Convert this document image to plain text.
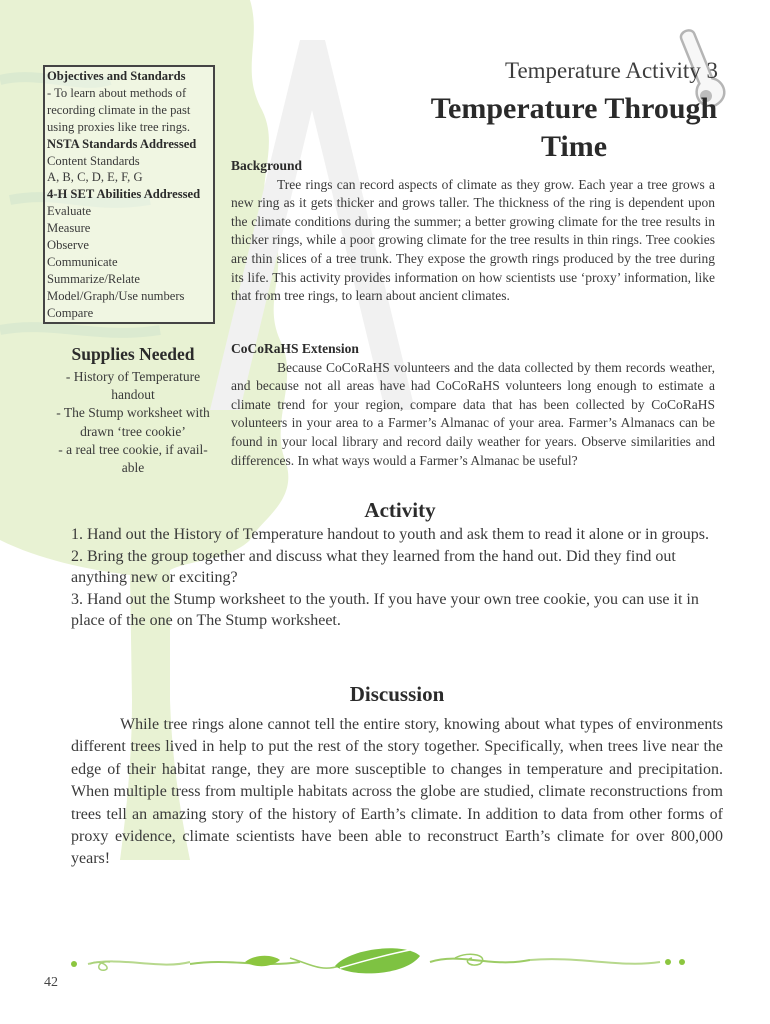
Objectives and Standards
- To learn about methods of
recording climate in the past
using proxies like tree rings.
NSTA Standards Addressed
Content Standards
A, B, C, D, E, F, G
4-H SET Abilities Addressed
Evaluate
Measure
Observe
Communicate
Summarize/Relate
Model/Graph/Use numbers
Compare
Supplies Needed
- History of Temperature
handout
- The Stump worksheet with
drawn ‘tree cookie’
- a real tree cookie, if avail-
able
Temperature Activity 3
Temperature Through Time
Background

Tree rings can record aspects of climate as they grow. Each year a tree grows a new ring as it gets thicker and grows taller. The thickness of the ring is dependent upon the climate conditions during the summer; a better growing climate for the tree results in thicker rings, while a poor growing climate for the tree results in thin rings. Tree cookies are thin slices of a tree trunk. They expose the growth rings produced by the tree during its life. This activity provides information on how scientists use ‘proxy’ information, like that from tree rings, to learn about ancient climates.

CoCoRaHS Extension

Because CoCoRaHS volunteers and the data collected by them records weather, and because not all areas have had CoCoRaHS volunteers long enough to estimate a climate trend for your region, compare data that has been collected by CoCoRaHS volunteers in your area to a Farmer’s Almanac of your area. Farmer’s Almanacs can be found in your local library and record daily weather for years. Observe similarities and differences. In what ways would a Farmer’s Almanac be useful?

Activity
1. Hand out the History of Temperature handout to youth and ask them to read it alone or in groups.
2. Bring the group together and discuss what they learned from the hand out. Did they find out anything new or exciting?
3. Hand out the Stump worksheet to the youth. If you have your own tree cookie, you can use it in place of the one on The Stump worksheet.
Discussion

While tree rings alone cannot tell the entire story, knowing about what types of environments different trees lived in help to put the rest of the story together. Specifically, when trees live near the edge of their habitat range, they are more susceptible to changes in temperature and precipitation. When multiple tress from multiple habitats across the globe are studied, climate reconstructions from trees tell an amazing story of the history of Earth’s climate. In addition to data from other forms of proxy evidence, climate scientists have been able to reconstruct Earth’s climate for over 800,000 years!

42
